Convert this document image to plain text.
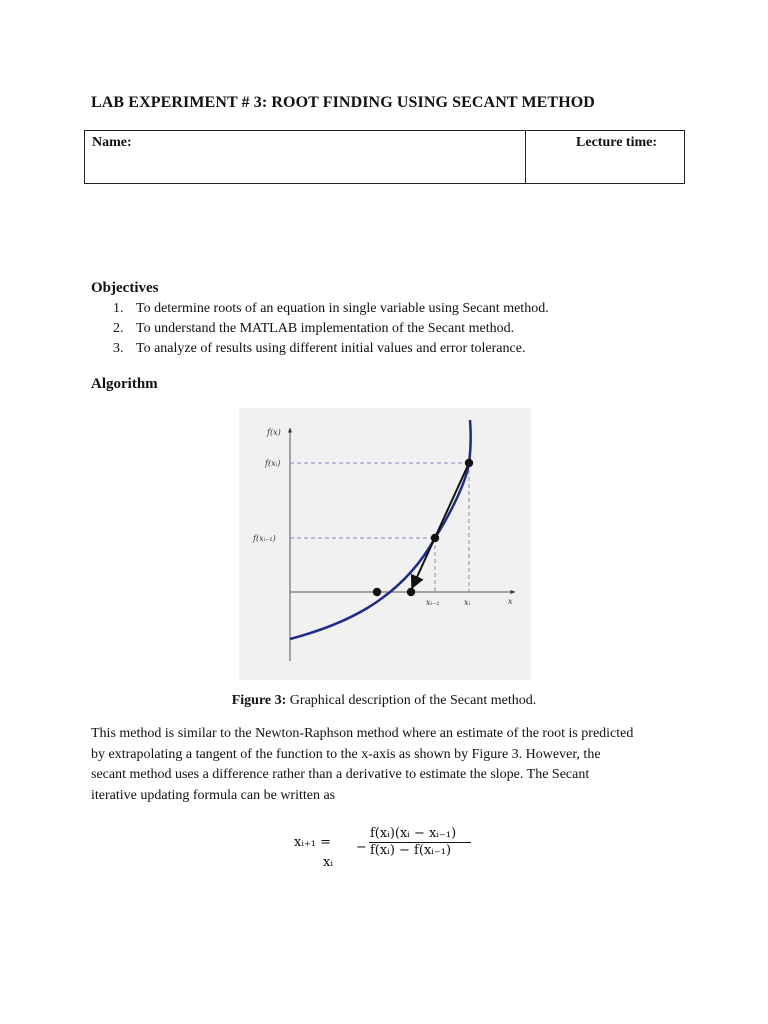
LAB EXPERIMENT # 3: ROOT FINDING USING SECANT METHOD
Name:	Lecture time:
Objectives
1. To determine roots of an equation in single variable using Secant method.
2. To understand the MATLAB implementation of the Secant method.
3. To analyze of results using different initial values and error tolerance.
Algorithm
f(x)
f(xᵢ)
f(xᵢ₋₁)
x
xᵢ₋₁	xᵢ
Figure 3: Graphical description of the Secant method.
This method is similar to the Newton-Raphson method where an estimate of the root is predicted
by extrapolating a tangent of the function to the x-axis as shown by Figure 3. However, the
secant method uses a difference rather than a derivative to estimate the slope. The Secant
iterative updating formula can be written as
xᵢ₊₁ =
xᵢ
−
f(xᵢ)(xᵢ − xᵢ₋₁)
f(xᵢ) − f(xᵢ₋₁)
